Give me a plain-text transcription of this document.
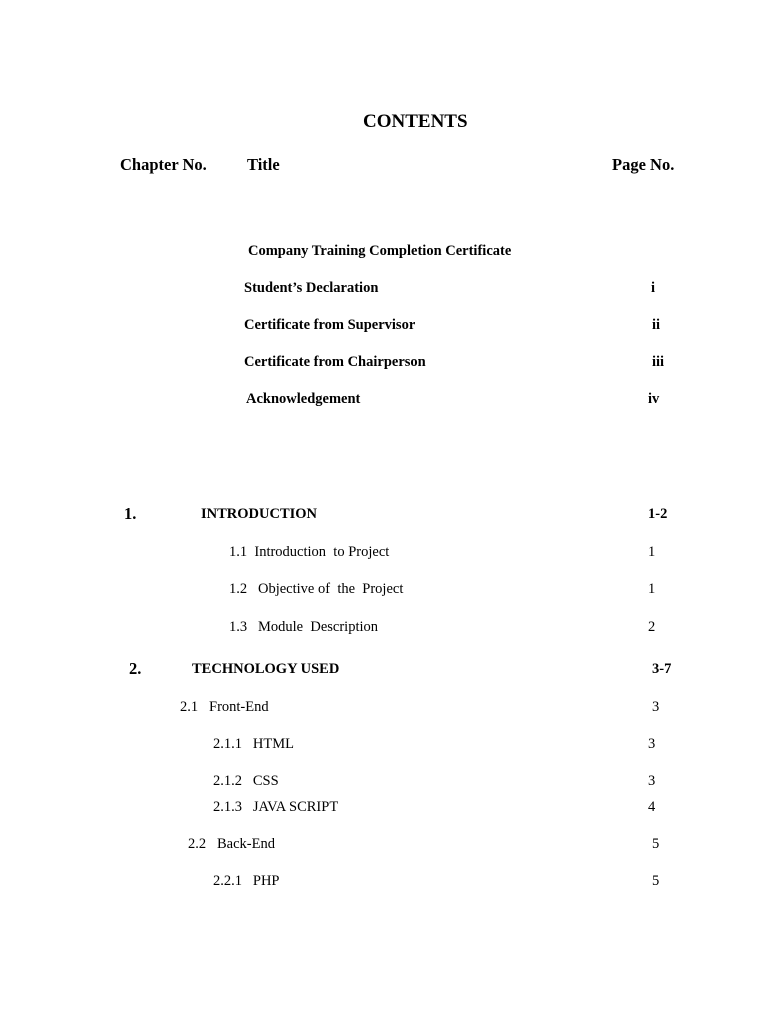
CONTENTS
Chapter No. Title	Page No.
Company Training Completion Certificate
Student’s Declaration	i
Certificate from Supervisor	ii
Certificate from Chairperson	iii
Acknowledgement	iv
1.	INTRODUCTION	1-2
1.1  Introduction  to Project	1
1.2   Objective of  the  Project	1
1.3   Module  Description	2
2.	TECHNOLOGY USED	3-7
2.1   Front-End	3
2.1.1   HTML	3
2.1.2   CSS	3
2.1.3   JAVA SCRIPT	4
2.2   Back-End	5
2.2.1   PHP	5
